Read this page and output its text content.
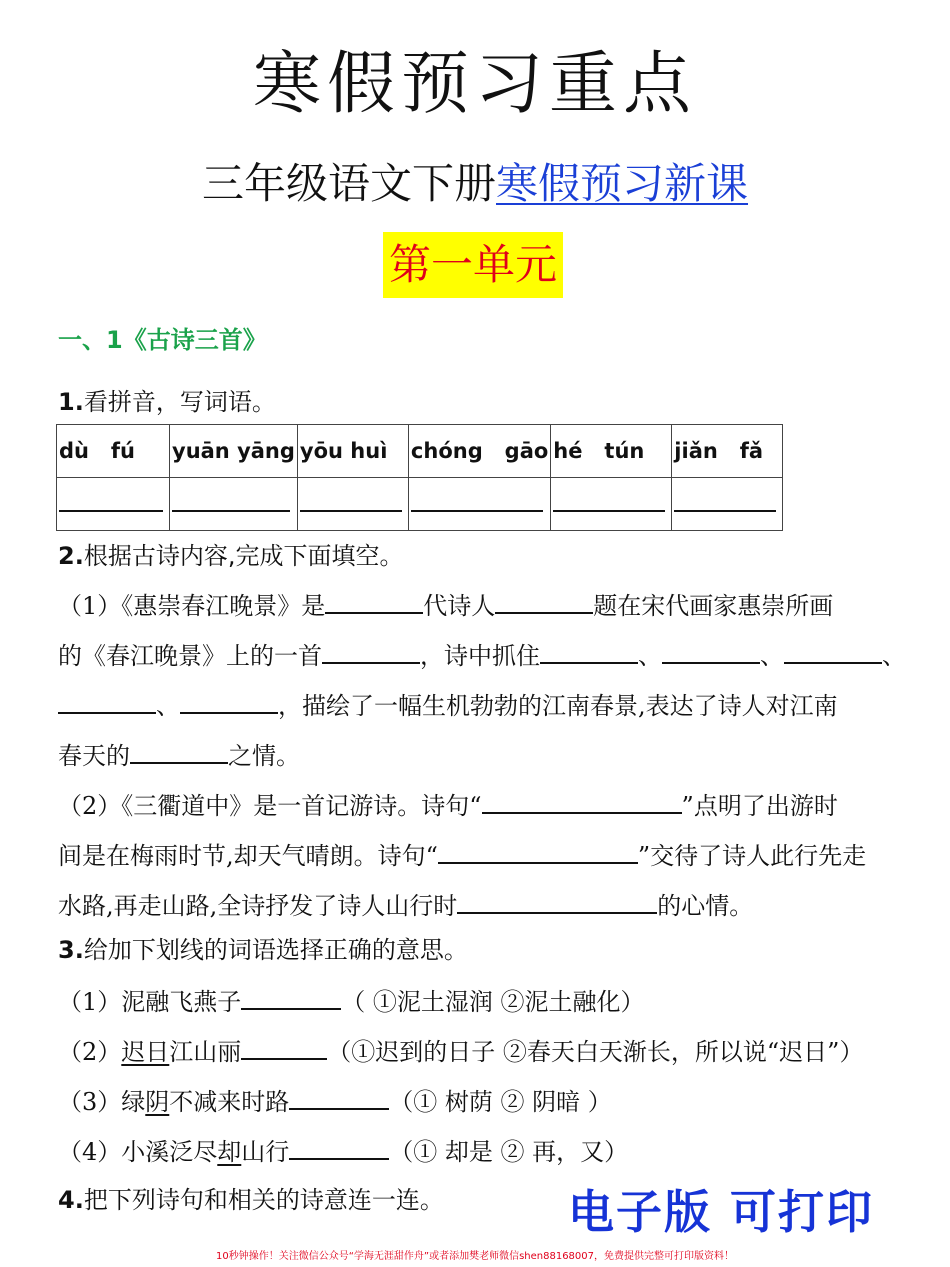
寒假预习重点
三年级语文下册寒假预习新课
第一单元
一、1《古诗三首》
1.看拼音，写词语。
dù   fú	yuān yāng	yōu huì	chóng   gāo	hé   tún	jiǎn   fǎ

2.根据古诗内容,完成下面填空。
（1）《惠崇春江晚景》是	代诗人	题在宋代画家惠崇所画
的《春江晚景》上的一首	，诗中抓住	、	、	、
、	，描绘了一幅生机勃勃的江南春景,表达了诗人对江南
春天的	之情。
（2）《三衢道中》是一首记游诗。诗句“	”点明了出游时
间是在梅雨时节,却天气晴朗。诗句“	”交待了诗人此行先走
水路,再走山路,全诗抒发了诗人山行时	的心情。
3.给加下划线的词语选择正确的意思。
（1）泥融飞燕子	（ ①泥土湿润 ②泥土融化）
（2）迟日江山丽	（①迟到的日子 ②春天白天渐长，所以说“迟日”）
（3）绿阴不减来时路	（① 树荫 ② 阴暗 ）
（4）小溪泛尽却山行	（① 却是 ② 再，又）
4.把下列诗句和相关的诗意连一连。	电子版 可打印
10秒钟操作！关注微信公众号“学海无涯甜作舟”或者添加樊老师微信shen88168007，免费提供完整可打印版资料！
